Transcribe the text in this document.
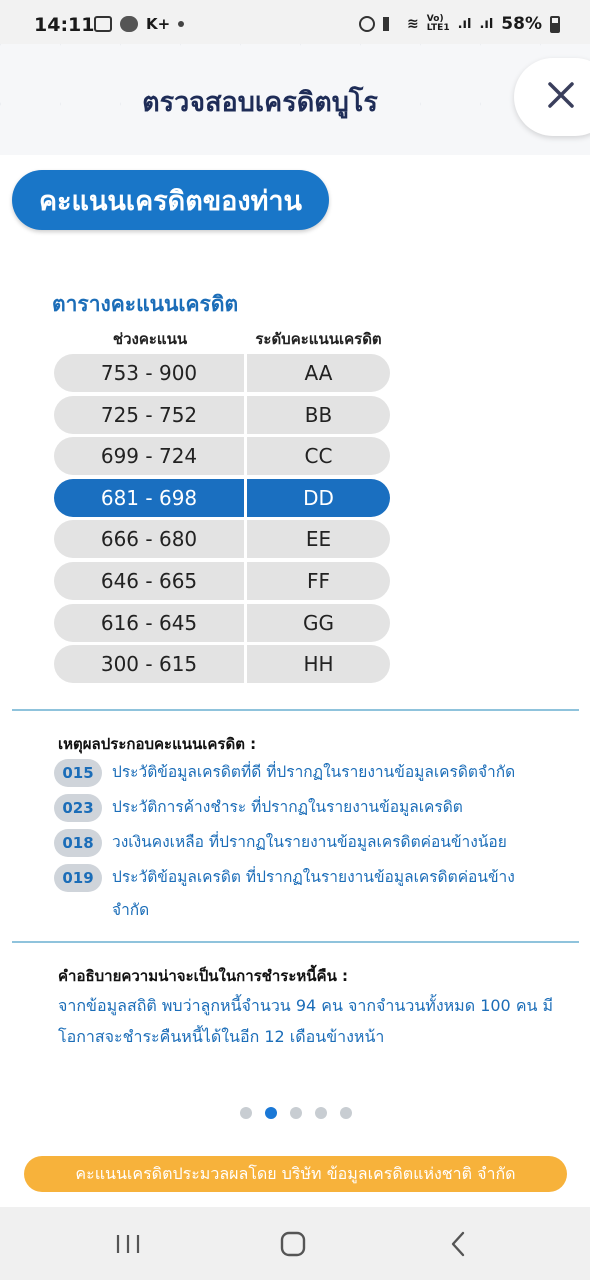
14:11	K+	≋ Vo)
LTE1 .ıl .ıl 58%
ตรวจสอบเครดิตบูโร
คะแนนเครดิตของท่าน
ตารางคะแนนเครดิต
ช่วงคะแนน	ระดับคะแนนเครดิต
753 - 900	AA
725 - 752	BB
699 - 724	CC
681 - 698	DD
666 - 680	EE
646 - 665	FF
616 - 645	GG
300 - 615	HH
เหตุผลประกอบคะแนนเครดิต :
015	ประวัติข้อมูลเครดิตที่ดี ที่ปรากฏในรายงานข้อมูลเครดิตจำกัด
023	ประวัติการค้างชำระ ที่ปรากฏในรายงานข้อมูลเครดิต
018	วงเงินคงเหลือ ที่ปรากฏในรายงานข้อมูลเครดิตค่อนข้างน้อย
019	ประวัติข้อมูลเครดิต ที่ปรากฏในรายงานข้อมูลเครดิตค่อนข้างจำกัด
คำอธิบายความน่าจะเป็นในการชำระหนี้คืน :
จากข้อมูลสถิติ พบว่าลูกหนี้จำนวน 94 คน จากจำนวนทั้งหมด 100 คน มีโอกาสจะชำระคืนหนี้ได้ในอีก 12 เดือนข้างหน้า
คะแนนเครดิตประมวลผลโดย บริษัท ข้อมูลเครดิตแห่งชาติ จำกัด
